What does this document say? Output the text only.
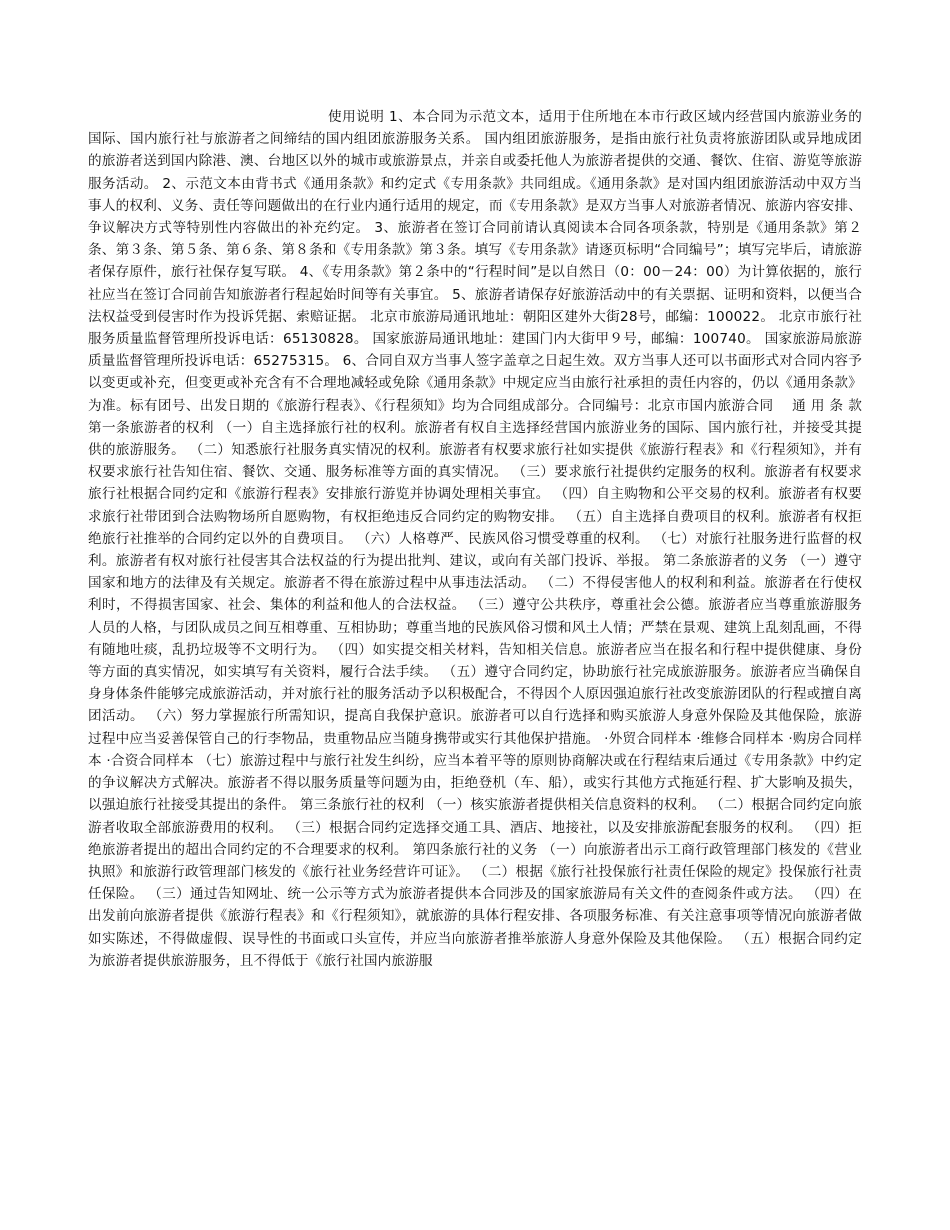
使用说明 1、本合同为示范文本，适用于住所地在本市行政区域内经营国内旅游业务的国际、国内旅行社与旅游者之间缔结的国内组团旅游服务关系。 国内组团旅游服务，是指由旅行社负责将旅游团队或异地成团的旅游者送到国内除港、澳、台地区以外的城市或旅游景点，并亲自或委托他人为旅游者提供的交通、餐饮、住宿、游览等旅游服务活动。 2、示范文本由背书式《通用条款》和约定式《专用条款》共同组成。《通用条款》是对国内组团旅游活动中双方当事人的权利、义务、责任等问题做出的在行业内通行适用的规定，而《专用条款》是双方当事人对旅游者情况、旅游内容安排、争议解决方式等特别性内容做出的补充约定。 3、旅游者在签订合同前请认真阅读本合同各项条款，特别是《通用条款》第２条、第３条、第５条、第６条、第８条和《专用条款》第３条。填写《专用条款》请逐页标明“合同编号”；填写完毕后，请旅游者保存原件，旅行社保存复写联。 4、《专用条款》第２条中的“行程时间”是以自然日（0：00－24：00）为计算依据的，旅行社应当在签订合同前告知旅游者行程起始时间等有关事宜。 5、旅游者请保存好旅游活动中的有关票据、证明和资料，以便当合法权益受到侵害时作为投诉凭据、索赔证据。 北京市旅游局通讯地址：朝阳区建外大街28号，邮编：100022。 北京市旅行社服务质量监督管理所投诉电话：65130828。 国家旅游局通讯地址：建国门内大街甲９号，邮编：100740。 国家旅游局旅游质量监督管理所投诉电话：65275315。 6、合同自双方当事人签字盖章之日起生效。双方当事人还可以书面形式对合同内容予以变更或补充，但变更或补充含有不合理地减轻或免除《通用条款》中规定应当由旅行社承担的责任内容的，仍以《通用条款》为准。标有团号、出发日期的《旅游行程表》、《行程须知》均为合同组成部分。合同编号：北京市国内旅游合同　 通 用 条 款 第一条旅游者的权利 （一）自主选择旅行社的权利。旅游者有权自主选择经营国内旅游业务的国际、国内旅行社，并接受其提供的旅游服务。 （二）知悉旅行社服务真实情况的权利。旅游者有权要求旅行社如实提供《旅游行程表》和《行程须知》，并有权要求旅行社告知住宿、餐饮、交通、服务标准等方面的真实情况。 （三）要求旅行社提供约定服务的权利。旅游者有权要求旅行社根据合同约定和《旅游行程表》安排旅行游览并协调处理相关事宜。 （四）自主购物和公平交易的权利。旅游者有权要求旅行社带团到合法购物场所自愿购物，有权拒绝违反合同约定的购物安排。 （五）自主选择自费项目的权利。旅游者有权拒绝旅行社推举的合同约定以外的自费项目。 （六）人格尊严、民族风俗习惯受尊重的权利。 （七）对旅行社服务进行监督的权利。旅游者有权对旅行社侵害其合法权益的行为提出批判、建议，或向有关部门投诉、举报。 第二条旅游者的义务 （一）遵守国家和地方的法律及有关规定。旅游者不得在旅游过程中从事违法活动。 （二）不得侵害他人的权利和利益。旅游者在行使权利时，不得损害国家、社会、集体的利益和他人的合法权益。 （三）遵守公共秩序，尊重社会公德。旅游者应当尊重旅游服务人员的人格，与团队成员之间互相尊重、互相协助；尊重当地的民族风俗习惯和风土人情；严禁在景观、建筑上乱刻乱画，不得有随地吐痰，乱扔垃圾等不文明行为。 （四）如实提交相关材料，告知相关信息。旅游者应当在报名和行程中提供健康、身份等方面的真实情况，如实填写有关资料，履行合法手续。 （五）遵守合同约定，协助旅行社完成旅游服务。旅游者应当确保自身身体条件能够完成旅游活动，并对旅行社的服务活动予以积极配合，不得因个人原因强迫旅行社改变旅游团队的行程或擅自离团活动。 （六）努力掌握旅行所需知识，提高自我保护意识。旅游者可以自行选择和购买旅游人身意外保险及其他保险，旅游过程中应当妥善保管自己的行李物品，贵重物品应当随身携带或实行其他保护措施。 ·外贸合同样本 ·维修合同样本 ·购房合同样本 ·合资合同样本 （七）旅游过程中与旅行社发生纠纷，应当本着平等的原则协商解决或在行程结束后通过《专用条款》中约定的争议解决方式解决。旅游者不得以服务质量等问题为由，拒绝登机（车、船），或实行其他方式拖延行程、扩大影响及损失，以强迫旅行社接受其提出的条件。 第三条旅行社的权利 （一）核实旅游者提供相关信息资料的权利。 （二）根据合同约定向旅游者收取全部旅游费用的权利。 （三）根据合同约定选择交通工具、酒店、地接社，以及安排旅游配套服务的权利。 （四）拒绝旅游者提出的超出合同约定的不合理要求的权利。 第四条旅行社的义务 （一）向旅游者出示工商行政管理部门核发的《营业执照》和旅游行政管理部门核发的《旅行社业务经营许可证》。 （二）根据《旅行社投保旅行社责任保险的规定》投保旅行社责任保险。 （三）通过告知网址、统一公示等方式为旅游者提供本合同涉及的国家旅游局有关文件的查阅条件或方法。 （四）在出发前向旅游者提供《旅游行程表》和《行程须知》，就旅游的具体行程安排、各项服务标准、有关注意事项等情况向旅游者做如实陈述，不得做虚假、误导性的书面或口头宣传，并应当向旅游者推举旅游人身意外保险及其他保险。 （五）根据合同约定为旅游者提供旅游服务，且不得低于《旅行社国内旅游服
